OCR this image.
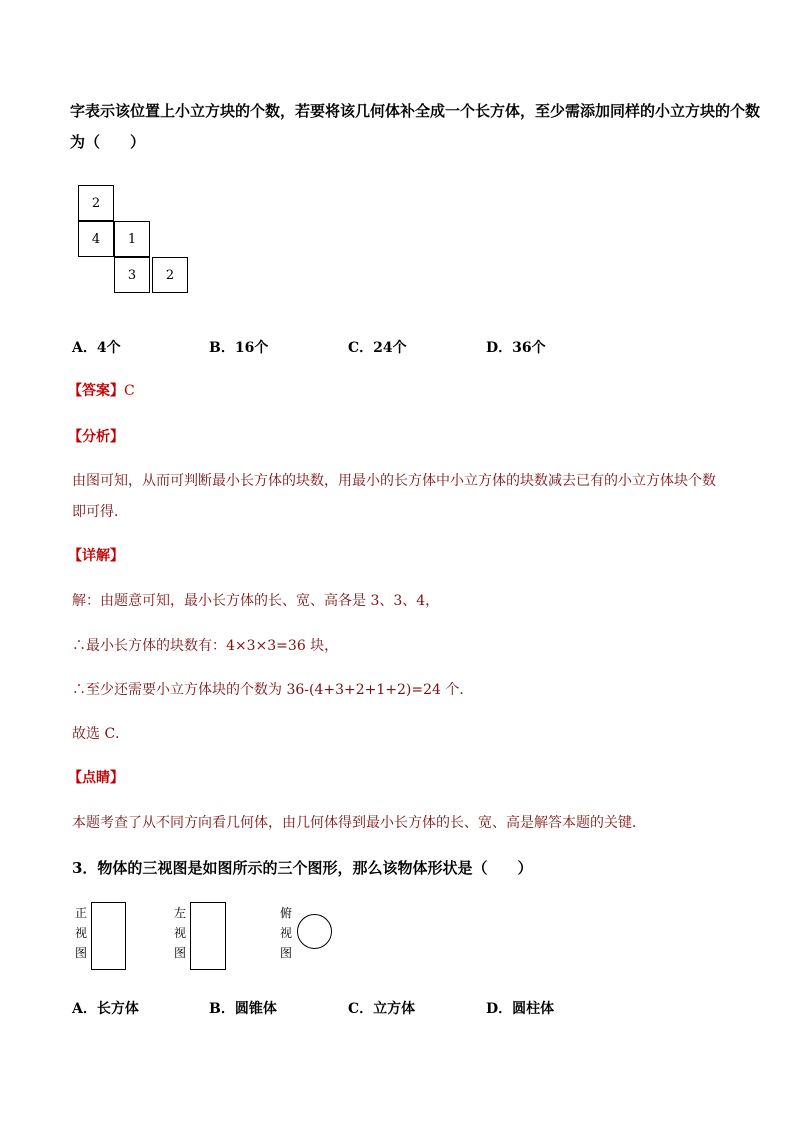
字表示该位置上小立方块的个数，若要将该几何体补全成一个长方体，至少需添加同样的小立方块的个数
为（　　）
2
4	1
3	2
A．4个	B．16个	C．24个	D．36个
【答案】C
【分析】
由图可知，从而可判断最小长方体的块数，用最小的长方体中小立方体的块数减去已有的小立方体块个数
即可得．
【详解】
解：由题意可知，最小长方体的长、宽、高各是 3、3、4，
∴最小长方体的块数有：4×3×3=36 块，
∴至少还需要小立方体块的个数为 36-(4+3+2+1+2)=24 个．
故选 C．
【点睛】
本题考查了从不同方向看几何体，由几何体得到最小长方体的长、宽、高是解答本题的关键．
3．物体的三视图是如图所示的三个图形，那么该物体形状是（　　）
正
视
图
左
视
图
俯
视
图
A．长方体	B．圆锥体	C．立方体	D．圆柱体
